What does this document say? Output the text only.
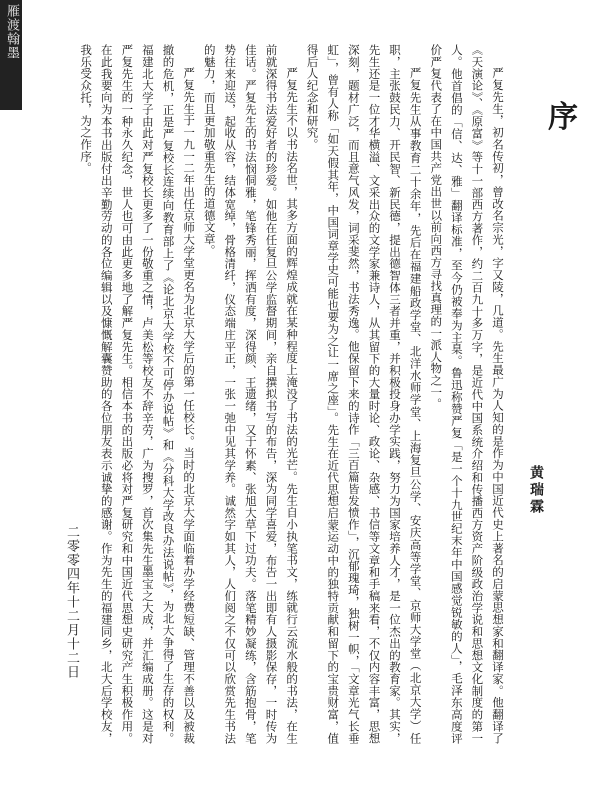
雁渡翰墨
序

严复先生，初名传初，曾改名宗光，字又陵，几道。先生最广为人知的是作为中国近代史上著名的启蒙思想家和翻译家。他翻译了《天演论》、《原富》等十一部西方著作，约二百九十多万字，是近代中国系统介绍和传播西方资产阶级政治学说和思想文化制度的第一人。他首倡的「信、达、雅」翻译标准，至今仍被奉为主臬。鲁迅称赞严复「是一个十九世纪末年中国感觉锐敏的人」，毛泽东高度评价严复代表了在中国共产党出世以前向西方寻找真理的一派人物之一。

严复先生从事教育二十余年，先后在福建船政学堂、北洋水师学堂、上海复旦公学、安庆高等学堂、京师大学堂（北京大学）任职，主张鼓民力、开民智、新民德，提出德智体三者并重，并积极投身办学实践，努力为国家培养人才，是一位杰出的教育家。其实，先生还是一位才华横溢、文采出众的文学家兼诗人，从其留下的大量时论、政论、杂感、书信等文章和手稿来看，不仅内容丰富，思想深刻，题材广泛，而且意气风发，词采斐然，书法秀逸。他保留下来的诗作「三百篇皆发愤作」，沉郁瑰琦，独树一帜，「文章光气长垂虹」，曾有人称「如天假其年，中国词章学史可能也要为之让一席之座」。先生在近代思想启蒙运动中的独特贡献和留下的宝贵财富，值得后人纪念和研究。

严复先生不以书法名世，其多方面的辉煌成就在某种程度上淹没了书法的光芒。先生自小执笔书文，练就行云流水般的书法，在生前就深得书法爱好者的珍爱。如他在任复旦公学监督期间，亲自撰拟书写的布告，深为同学喜爱，布告一出即有人摄影保存，一时传为佳话。严复先生的书法悯侗雅，笔锋秀丽，挥洒有度，深得颜、王遗绪，又于怀素、张旭大草下过功夫。落笔精妙凝练，含筋抱骨，笔势往来迎送，起收从容，结体宽绰，骨格清纤，仪态端庄平正，一张一弛中见其学养。诚然字如其人，人们阅之不仅可以欣赏先生书法的魅力，而且更加敬重先生的道德文章。

严复先生于一九一二年出任京师大学堂更名为北京大学后的第一任校长。当时的北京大学面临着办学经费短缺、管理不善以及被裁撤的危机，正是严复校长连续向教育部上了《论北京大学校不可停办说帖》和《分科大学改良办法说帖》，为北大争得了生存的权利。福建北大学子由此对严复校长更多了一份敬重之情，卢美松等校友不辞辛劳，广为搜罗，首次集先生墨宝之大成，并汇编成册。这是对严复先生的一种永久纪念，世人也可由此更多地了解严复先生。相信本书的出版必将对严复研究和中国近代思想史研究产生积极作用。在此我要向为本书出版付出辛勤劳动的各位编辑以及慷慨解囊赞助的各位朋友表示诚挚的感谢。作为先生的福建同乡，北大后学校友，我乐受众托，为之作序。

黄瑞霖
二零零四年十二月十二日
